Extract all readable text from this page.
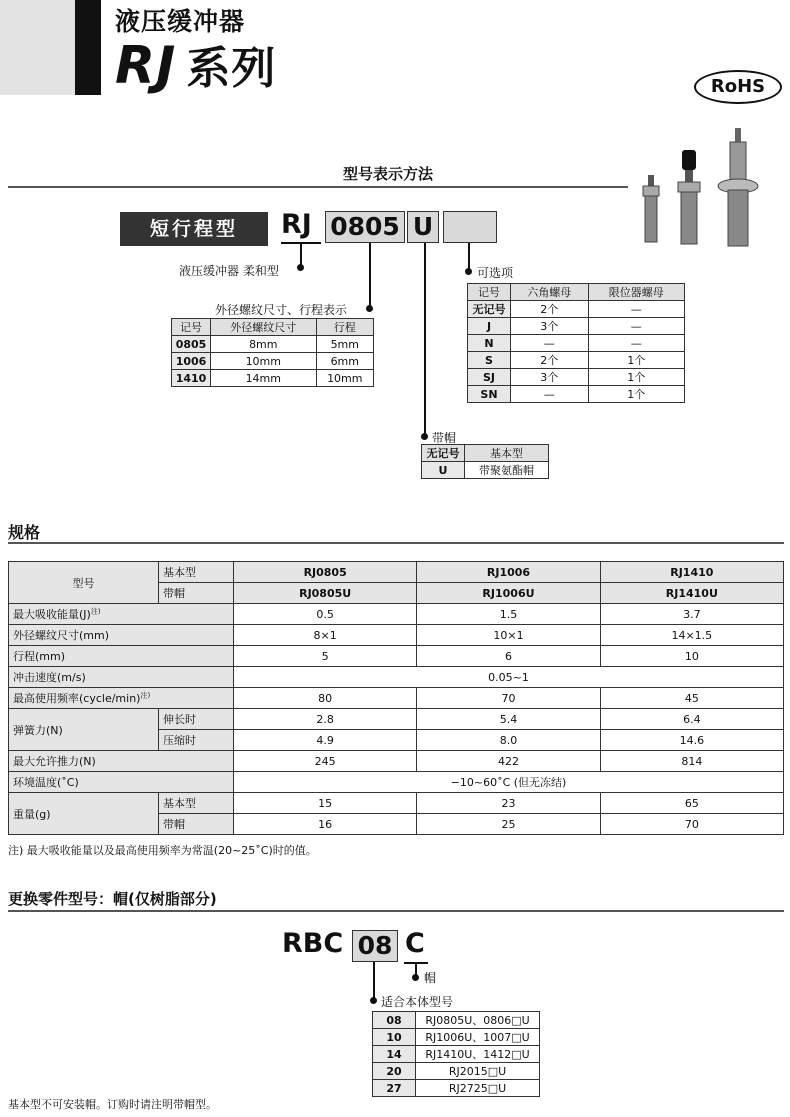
液压缓冲器
RJ 系列	RoHS
型号表示方法
短行程型	RJ 0805 U
液压缓冲器 柔和型
外径螺纹尺寸、行程表示
可选项
带帽
记号	外径螺纹尺寸	行程
0805	8mm	5mm
1006	10mm	6mm
1410	14mm	10mm
记号	六角螺母	限位器螺母
无记号	2个	—
J	3个	—
N	—	—
S	2个	1个
SJ	3个	1个
SN	—	1个
无记号	基本型
U	带聚氨酯帽
规格
型号	基本型	RJ0805	RJ1006	RJ1410
	带帽	RJ0805U	RJ1006U	RJ1410U
最大吸收能量$(J)^{注)}$		0.5	1.5	3.7
外径螺纹尺寸(mm)		8×1	10×1	14×1.5
行程(mm)		5	6	10
冲击速度(m/s)		0.05~1		
最高使用频率(cycle/min)$^{注)}$		80	70	45
弹簧力(N)	伸长时	2.8	5.4	6.4
	压缩时	4.9	8.0	14.6
最大允许推力(N)		245	422	814
环境温度(˚C)		−10~60˚C (但无冻结)		
重量(g)	基本型	15	23	65
	带帽	16	25	70
注) 最大吸收能量以及最高使用频率为常温(20~25˚C)时的值。
更换零件型号：帽(仅树脂部分)
RBC 08 C
帽
适合本体型号
08	RJ0805U、0806□U
10	RJ1006U、1007□U
14	RJ1410U、1412□U
20	RJ2015□U
27	RJ2725□U
基本型不可安装帽。订购时请注明带帽型。
